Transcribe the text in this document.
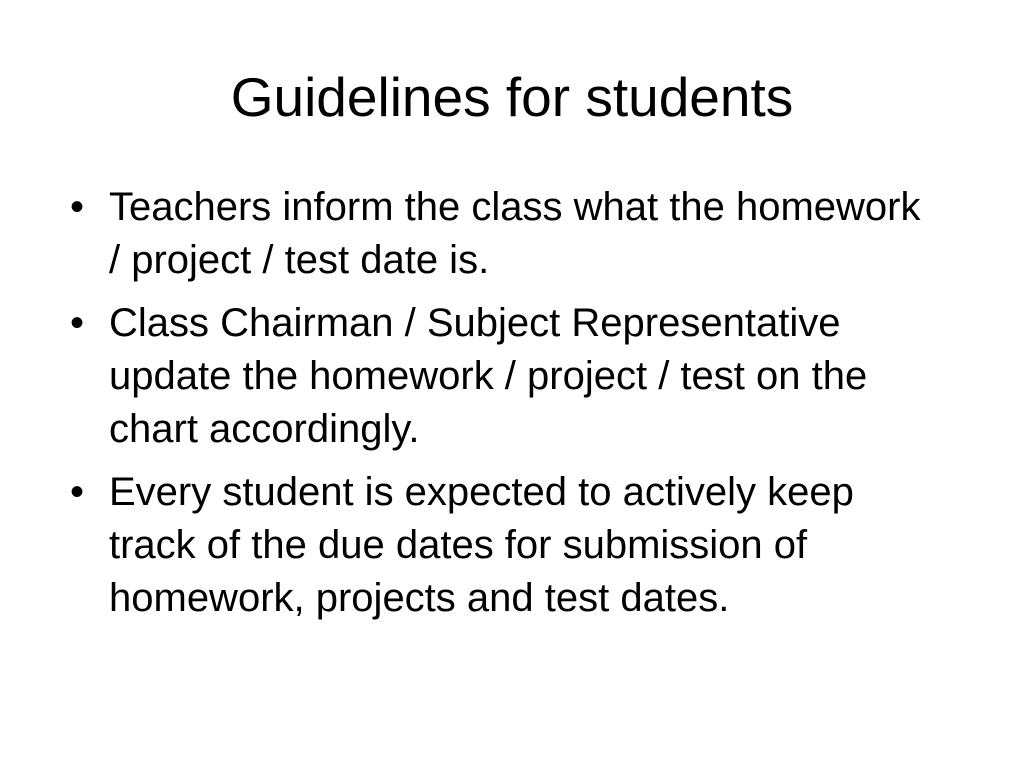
Guidelines for students
• Teachers inform the class what the homework / project / test date is.
• Class Chairman / Subject Representative update the homework / project / test on the chart accordingly.
• Every student is expected to actively keep track of the due dates for submission of homework, projects and test dates.
